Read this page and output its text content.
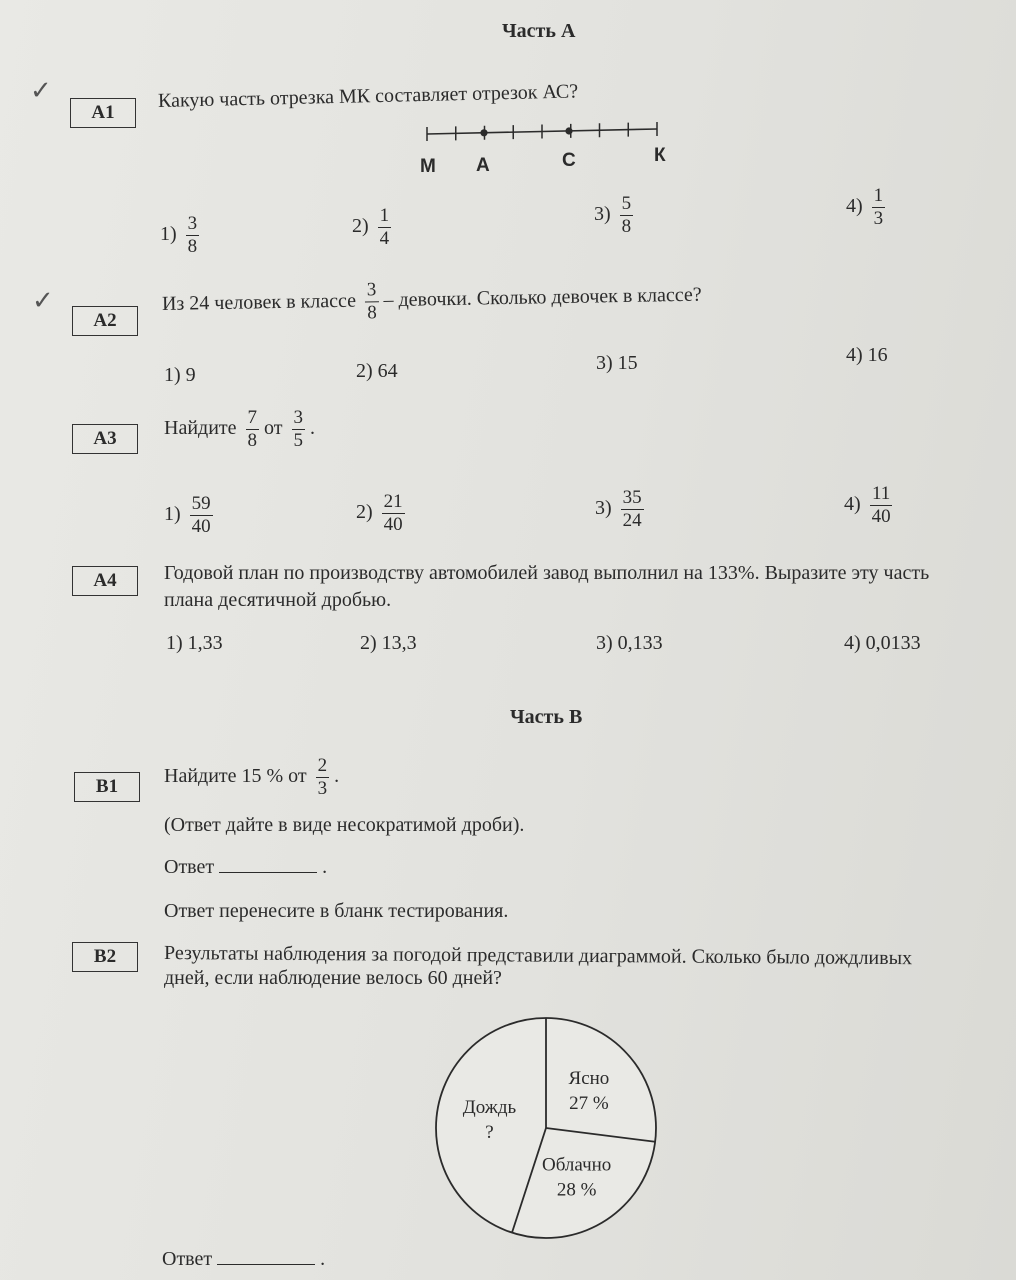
Часть А
✓
А1
Какую часть отрезка МК составляет отрезок АС?
М А	С	К
$1) \frac{3}{8}$	$2) \frac{1}{4}$	$3) \frac{5}{8}$	$4) \frac{1}{3}$
✓
А2
Из 24 человек в классе $\frac{3}{8}$ – девочки. Сколько девочек в классе?
1) 9	2) 64	3) 15	4) 16
А3	Найдите $\frac{7}{8}$ от $\frac{3}{5}$ .
$1) \frac{59}{40}$	$2) \frac{21}{40}$	$3) \frac{35}{24}$	$4) \frac{11}{40}$
А4	Годовой план по производству автомобилей завод выполнил на 133%. Выразите эту часть
плана десятичной дробью.
1) 1,33	2) 13,3	3) 0,133	4) 0,0133
Часть В
В1	Найдите 15 % от $\frac{2}{3}$ .
(Ответ дайте в виде несократимой дроби).
Ответ	.
Ответ перенесите в бланк тестирования.
В2	Результаты наблюдения за погодой представили диаграммой. Сколько было дождливых
дней, если наблюдение велось 60 дней?
Ясно
27 %
Облачно
28 %
Дождь
?
Ответ	.
